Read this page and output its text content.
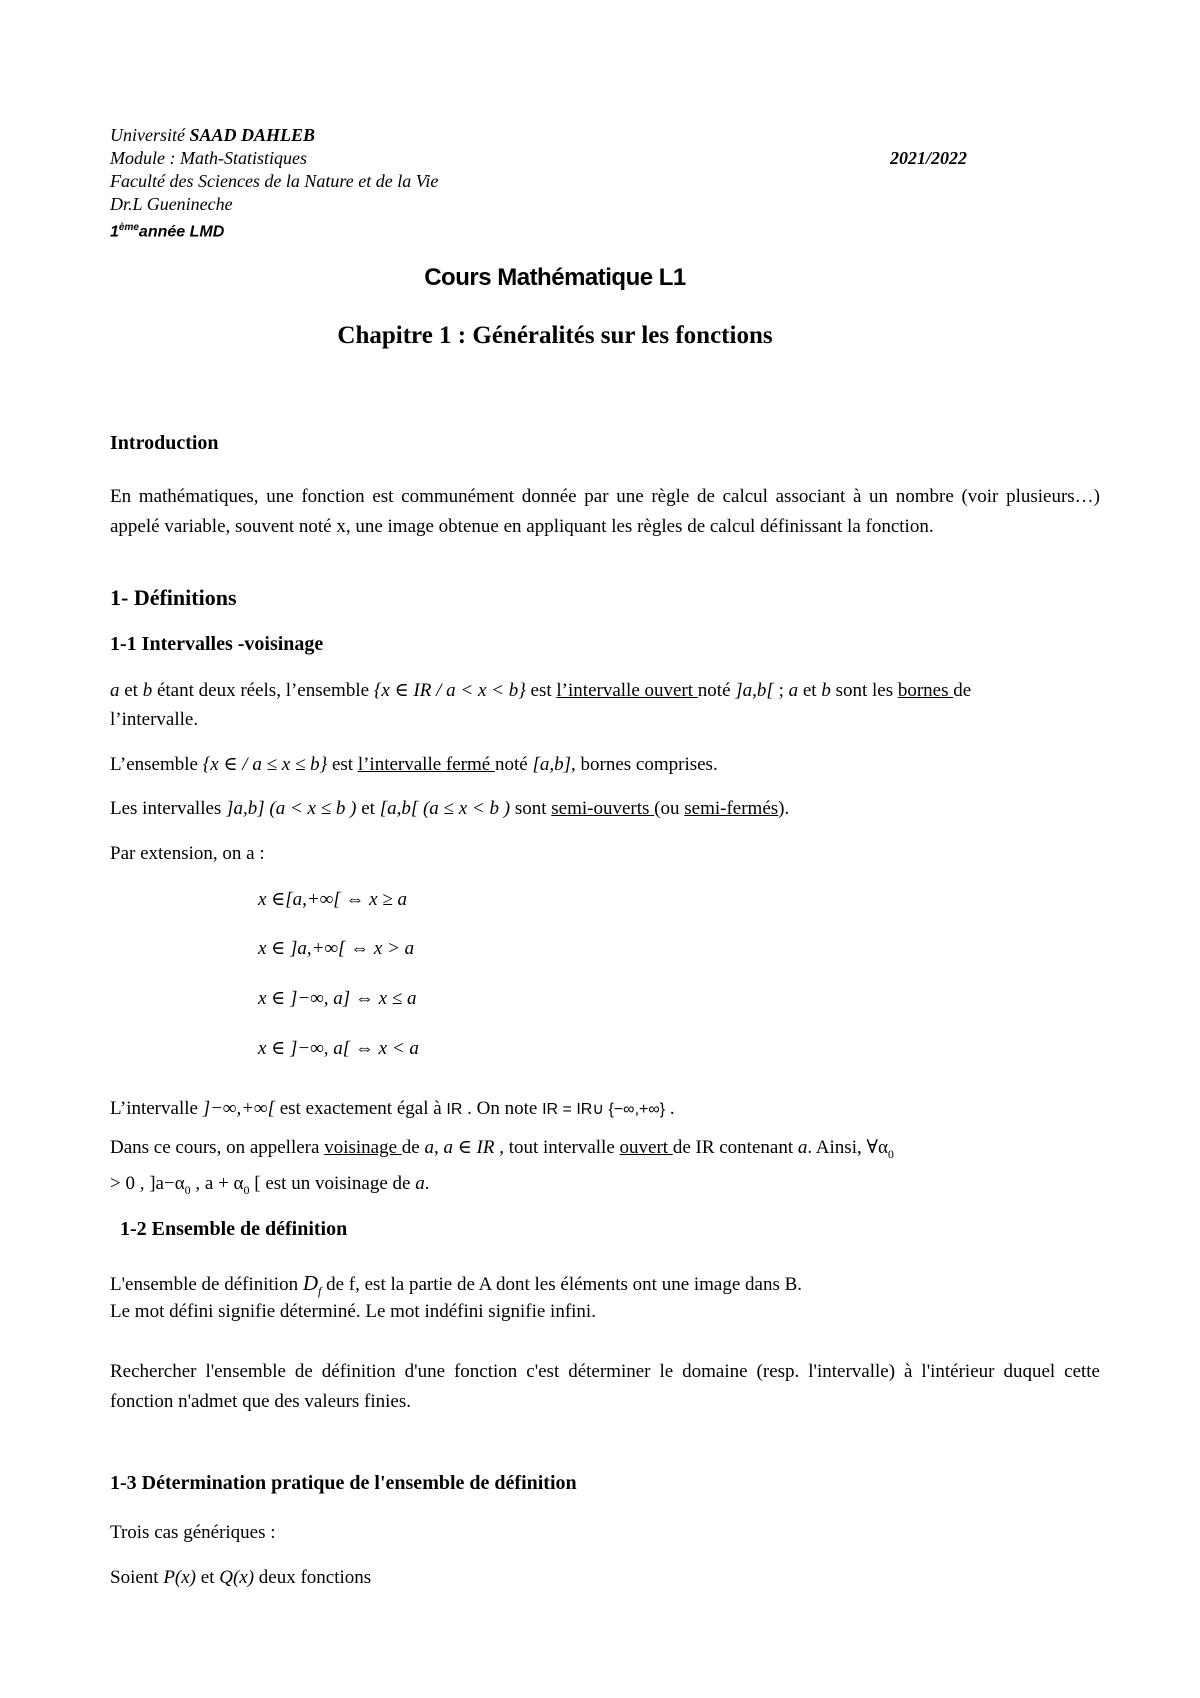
Université SAAD DAHLEB
Module : Math-Statistiques	2021/2022
Faculté des Sciences de la Nature et de la Vie
Dr.L Guenineche
1èmeannée LMD
Cours Mathématique L1
Chapitre 1 : Généralités sur les fonctions
Introduction
En mathématiques, une fonction est communément donnée par une règle de calcul associant à un nombre (voir plusieurs…) appelé variable, souvent noté x, une image obtenue en appliquant les règles de calcul définissant la fonction.
1- Définitions
1-1 Intervalles -voisinage
a et b étant deux réels, l’ensemble {x ∈ IR / a < x < b} est l’intervalle ouvert noté ]a,b[ ; a et b sont les bornes de
l’intervalle.
L’ensemble {x ∈ / a ≤ x ≤ b} est l’intervalle fermé noté [a,b], bornes comprises.
Les intervalles ]a,b] (a < x ≤ b ) et [a,b[ (a ≤ x < b ) sont semi-ouverts (ou semi-fermés).
Par extension, on a :
x ∈[a,+∞[ ⇔ x ≥ a
x ∈ ]a,+∞[ ⇔ x > a
x ∈ ]−∞, a] ⇔ x ≤ a
x ∈ ]−∞, a[ ⇔ x < a
L’intervalle ]−∞,+∞[ est exactement égal à IR . On note IR = IR∪ {−∞,+∞} .
Dans ce cours, on appellera voisinage de a, a ∈ IR , tout intervalle ouvert de IR contenant a. Ainsi, $\forall\alpha_0$
> 0 , ]$a-\alpha_0$ , $a + \alpha_0$ [ est un voisinage de a.
1-2 Ensemble de définition
L'ensemble de définition $D_f$ de f, est la partie de A dont les éléments ont une image dans B.
Le mot défini signifie déterminé. Le mot indéfini signifie infini.
Rechercher l'ensemble de définition d'une fonction c'est déterminer le domaine (resp. l'intervalle) à l'intérieur duquel cette fonction n'admet que des valeurs finies.
1-3 Détermination pratique de l'ensemble de définition
Trois cas génériques :
Soient P(x) et Q(x) deux fonctions
